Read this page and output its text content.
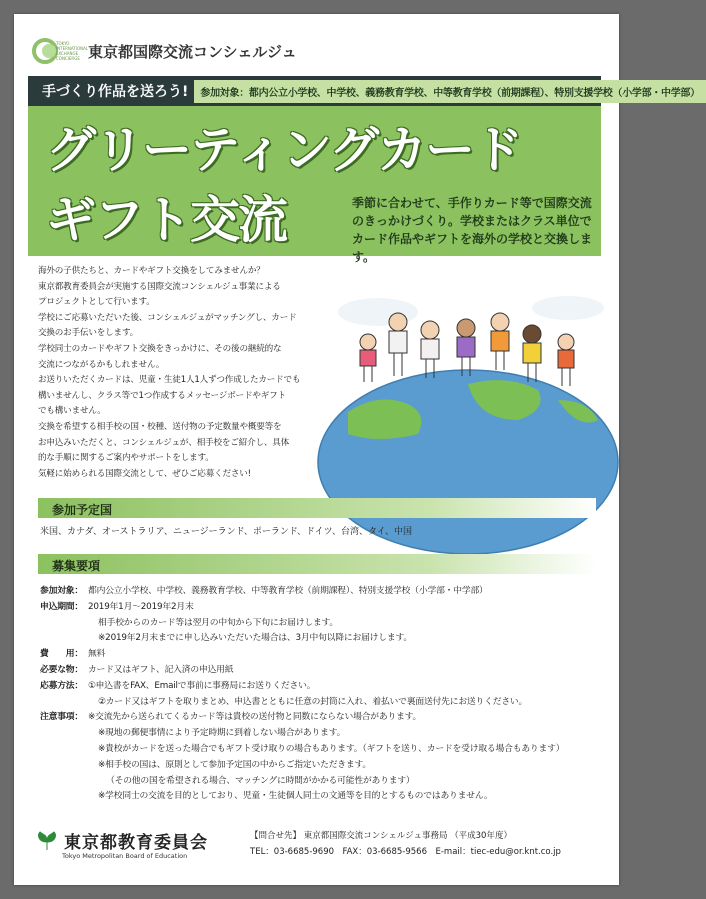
TOKYO INTERNATIONAL EXCHANGE CONCIERGE 東京都国際交流コンシェルジュ
手づくり作品を送ろう!	参加対象：都内公立小学校、中学校、義務教育学校、中等教育学校（前期課程）、特別支援学校（小学部・中学部）
グリーティングカード
ギフト交流	季節に合わせて、手作りカード等で国際交流のきっかけづくり。学校またはクラス単位でカード作品やギフトを海外の学校と交換します。

海外の子供たちと、カードやギフト交換をしてみませんか？

東京都教育委員会が実施する国際交流コンシェルジュ事業による

プロジェクトとして行います。

学校にご応募いただいた後、コンシェルジュがマッチングし、カード

交換のお手伝いをします。

学校同士のカードやギフト交換をきっかけに、その後の継続的な

交流につながるかもしれません。

お送りいただくカードは、児童・生徒1人1人ずつ作成したカードでも

構いませんし、クラス等で1つ作成するメッセージボードやギフト

でも構いません。

交換を希望する相手校の国・校種、送付物の予定数量や概要等を

お申込みいただくと、コンシェルジュが、相手校をご紹介し、具体

的な手順に関するご案内やサポートをします。

気軽に始められる国際交流として、ぜひご応募ください!

参加予定国
米国、カナダ、オーストラリア、ニュージーランド、ポーランド、ドイツ、台湾、タイ、中国
募集要項
参加対象： 都内公立小学校、中学校、義務教育学校、中等教育学校（前期課程）、特別支援学校（小学部・中学部）
申込期間： 2019年1月〜2019年2月末
相手校からのカード等は翌月の中旬から下旬にお届けします。
※2019年2月末までに申し込みいただいた場合は、3月中旬以降にお届けします。
費　　用： 無料
必要な物： カード又はギフト、記入済の申込用紙
応募方法： ①申込書をFAX、Emailで事前に事務局にお送りください。
②カード又はギフトを取りまとめ、申込書とともに任意の封筒に入れ、着払いで裏面送付先にお送りください。
注意事項： ※交流先から送られてくるカード等は貴校の送付物と同数にならない場合があります。
※現地の郵便事情により予定時期に到着しない場合があります。
※貴校がカードを送った場合でもギフト受け取りの場合もあります。（ギフトを送り、カードを受け取る場合もあります）
※相手校の国は、原則として参加予定国の中からご指定いただきます。
（その他の国を希望される場合、マッチングに時間がかかる可能性があります）
※学校同士の交流を目的としており、児童・生徒個人同士の文通等を目的とするものではありません。
東京都教育委員会
Tokyo Metropolitan Board of Education
【問合せ先】 東京都国際交流コンシェルジュ事務局 （平成30年度）
TEL：03-6685-9690　FAX：03-6685-9566　E-mail：tiec-edu@or.knt.co.jp
